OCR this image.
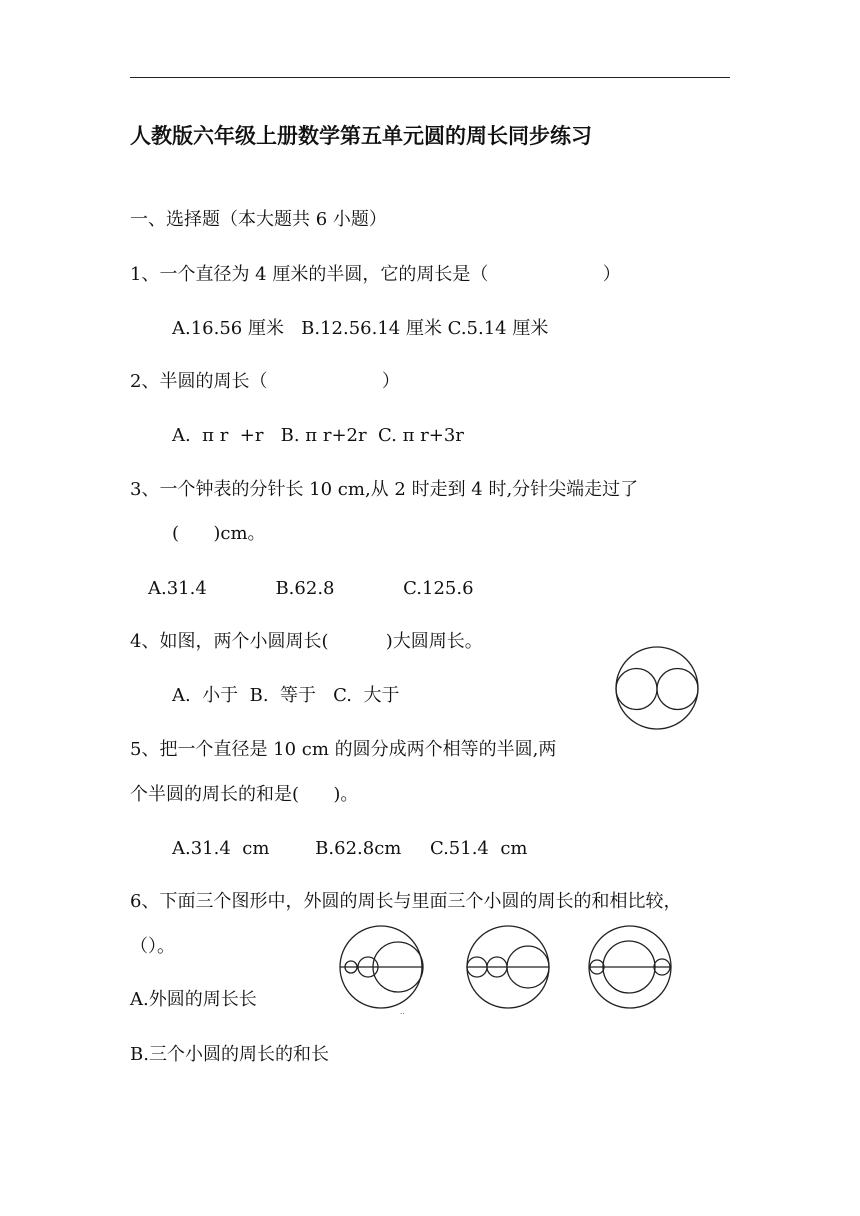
人教版六年级上册数学第五单元圆的周长同步练习
一、选择题（本大题共 6 小题）
1、一个直径为 4 厘米的半圆，它的周长是（                    ）
A.16.56 厘米   B.12.56.14 厘米 C.5.14 厘米
2、半圆的周长（                    ）
A.  π r  +r   B. π r+2r  C. π r+3r
3、一个钟表的分针长 10 cm,从 2 时走到 4 时,分针尖端走过了
(      )cm。
A.31.4            B.62.8            C.125.6
4、如图，两个小圆周长(          )大圆周长。
A.  小于  B.  等于   C.  大于
5、把一个直径是 10 cm 的圆分成两个相等的半圆,两
个半圆的周长的和是(      )。
A.31.4  cm        B.62.8cm     C.51.4  cm
6、下面三个图形中，外圆的周长与里面三个小圆的周长的和相比较，
（）。
A.外圆的周长长
B.三个小圆的周长的和长
··
